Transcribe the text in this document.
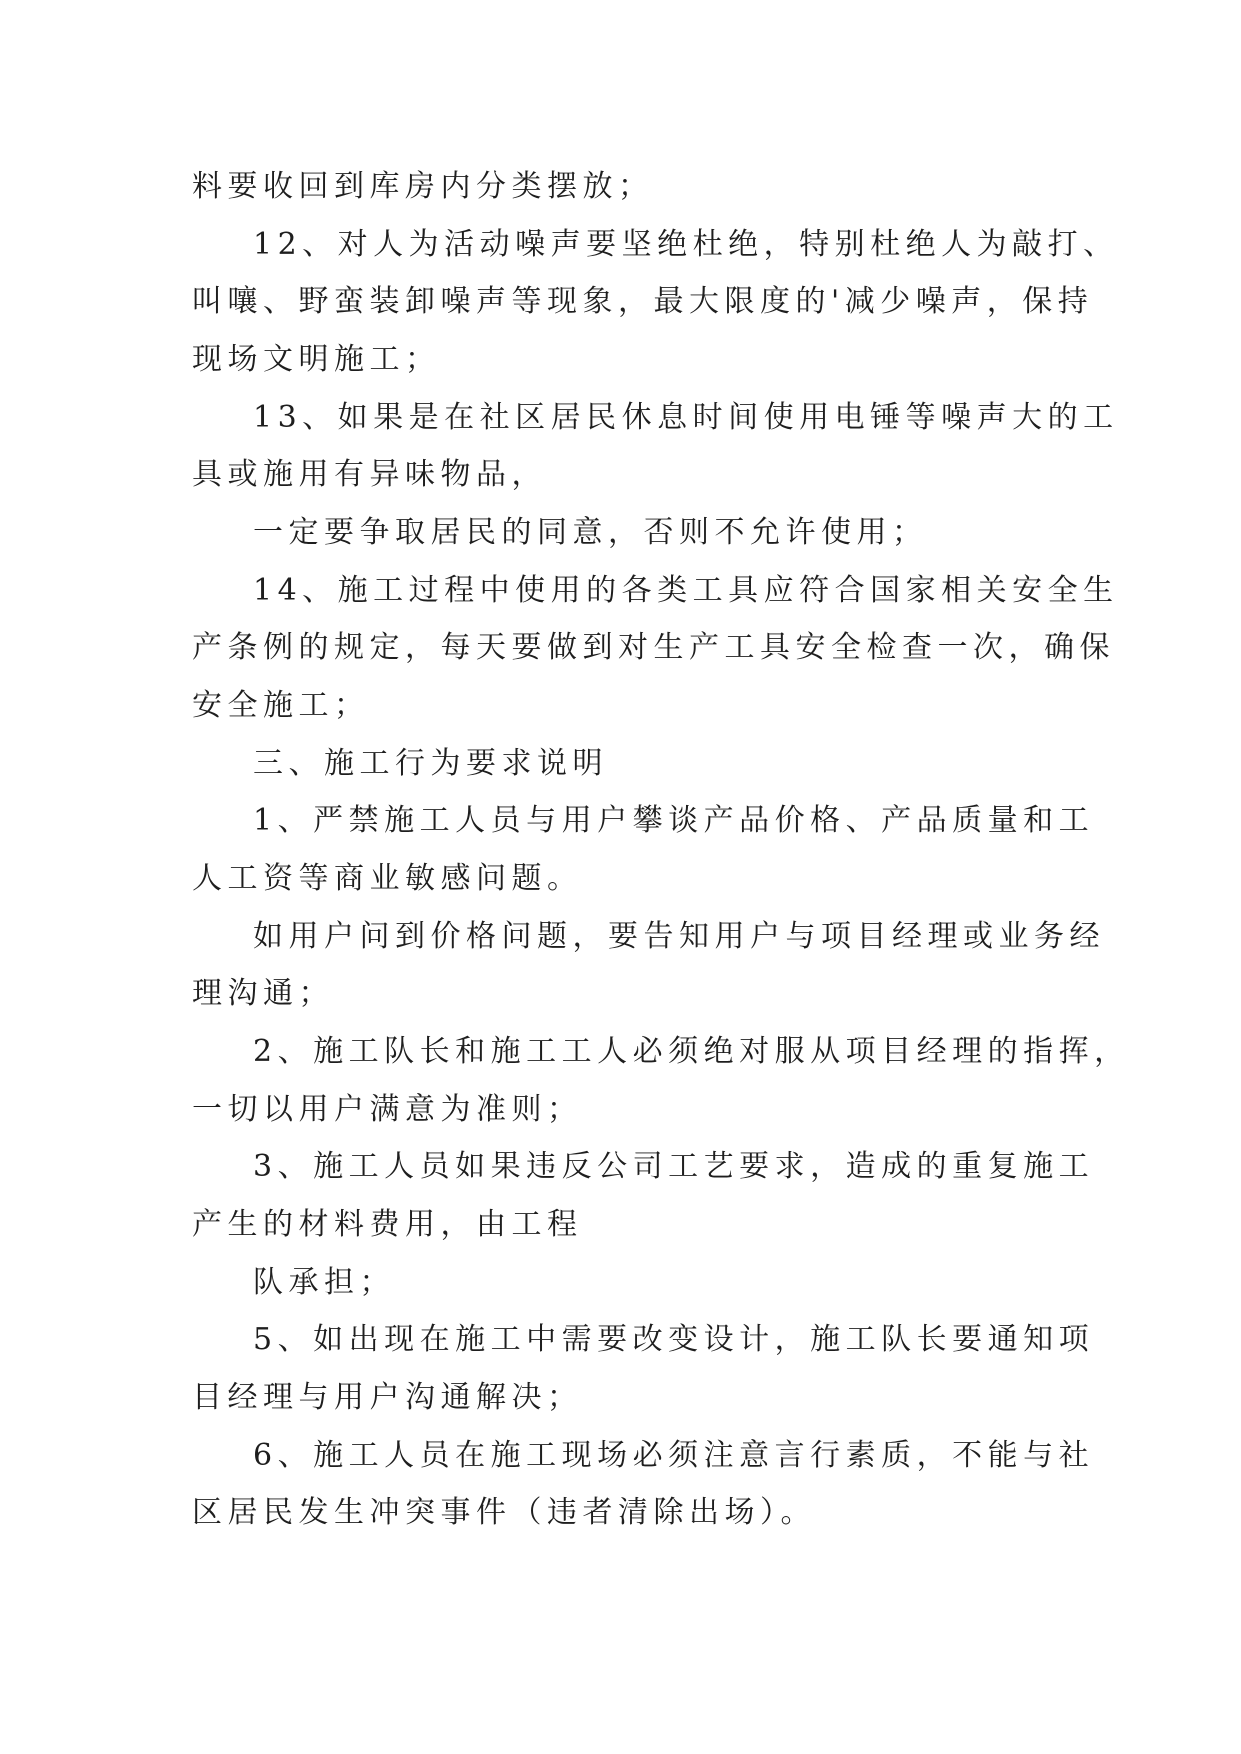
料要收回到库房内分类摆放；
12、对人为活动噪声要坚绝杜绝，特别杜绝人为敲打、
叫嚷、野蛮装卸噪声等现象，最大限度的'减少噪声，保持
现场文明施工；
13、如果是在社区居民休息时间使用电锤等噪声大的工
具或施用有异味物品，
一定要争取居民的同意，否则不允许使用；
14、施工过程中使用的各类工具应符合国家相关安全生
产条例的规定，每天要做到对生产工具安全检查一次，确保
安全施工；
三、施工行为要求说明
1、严禁施工人员与用户攀谈产品价格、产品质量和工
人工资等商业敏感问题。
如用户问到价格问题，要告知用户与项目经理或业务经
理沟通；
2、施工队长和施工工人必须绝对服从项目经理的指挥，
一切以用户满意为准则；
3、施工人员如果违反公司工艺要求，造成的重复施工
产生的材料费用，由工程
队承担；
5、如出现在施工中需要改变设计，施工队长要通知项
目经理与用户沟通解决；
6、施工人员在施工现场必须注意言行素质，不能与社
区居民发生冲突事件（违者清除出场）。
